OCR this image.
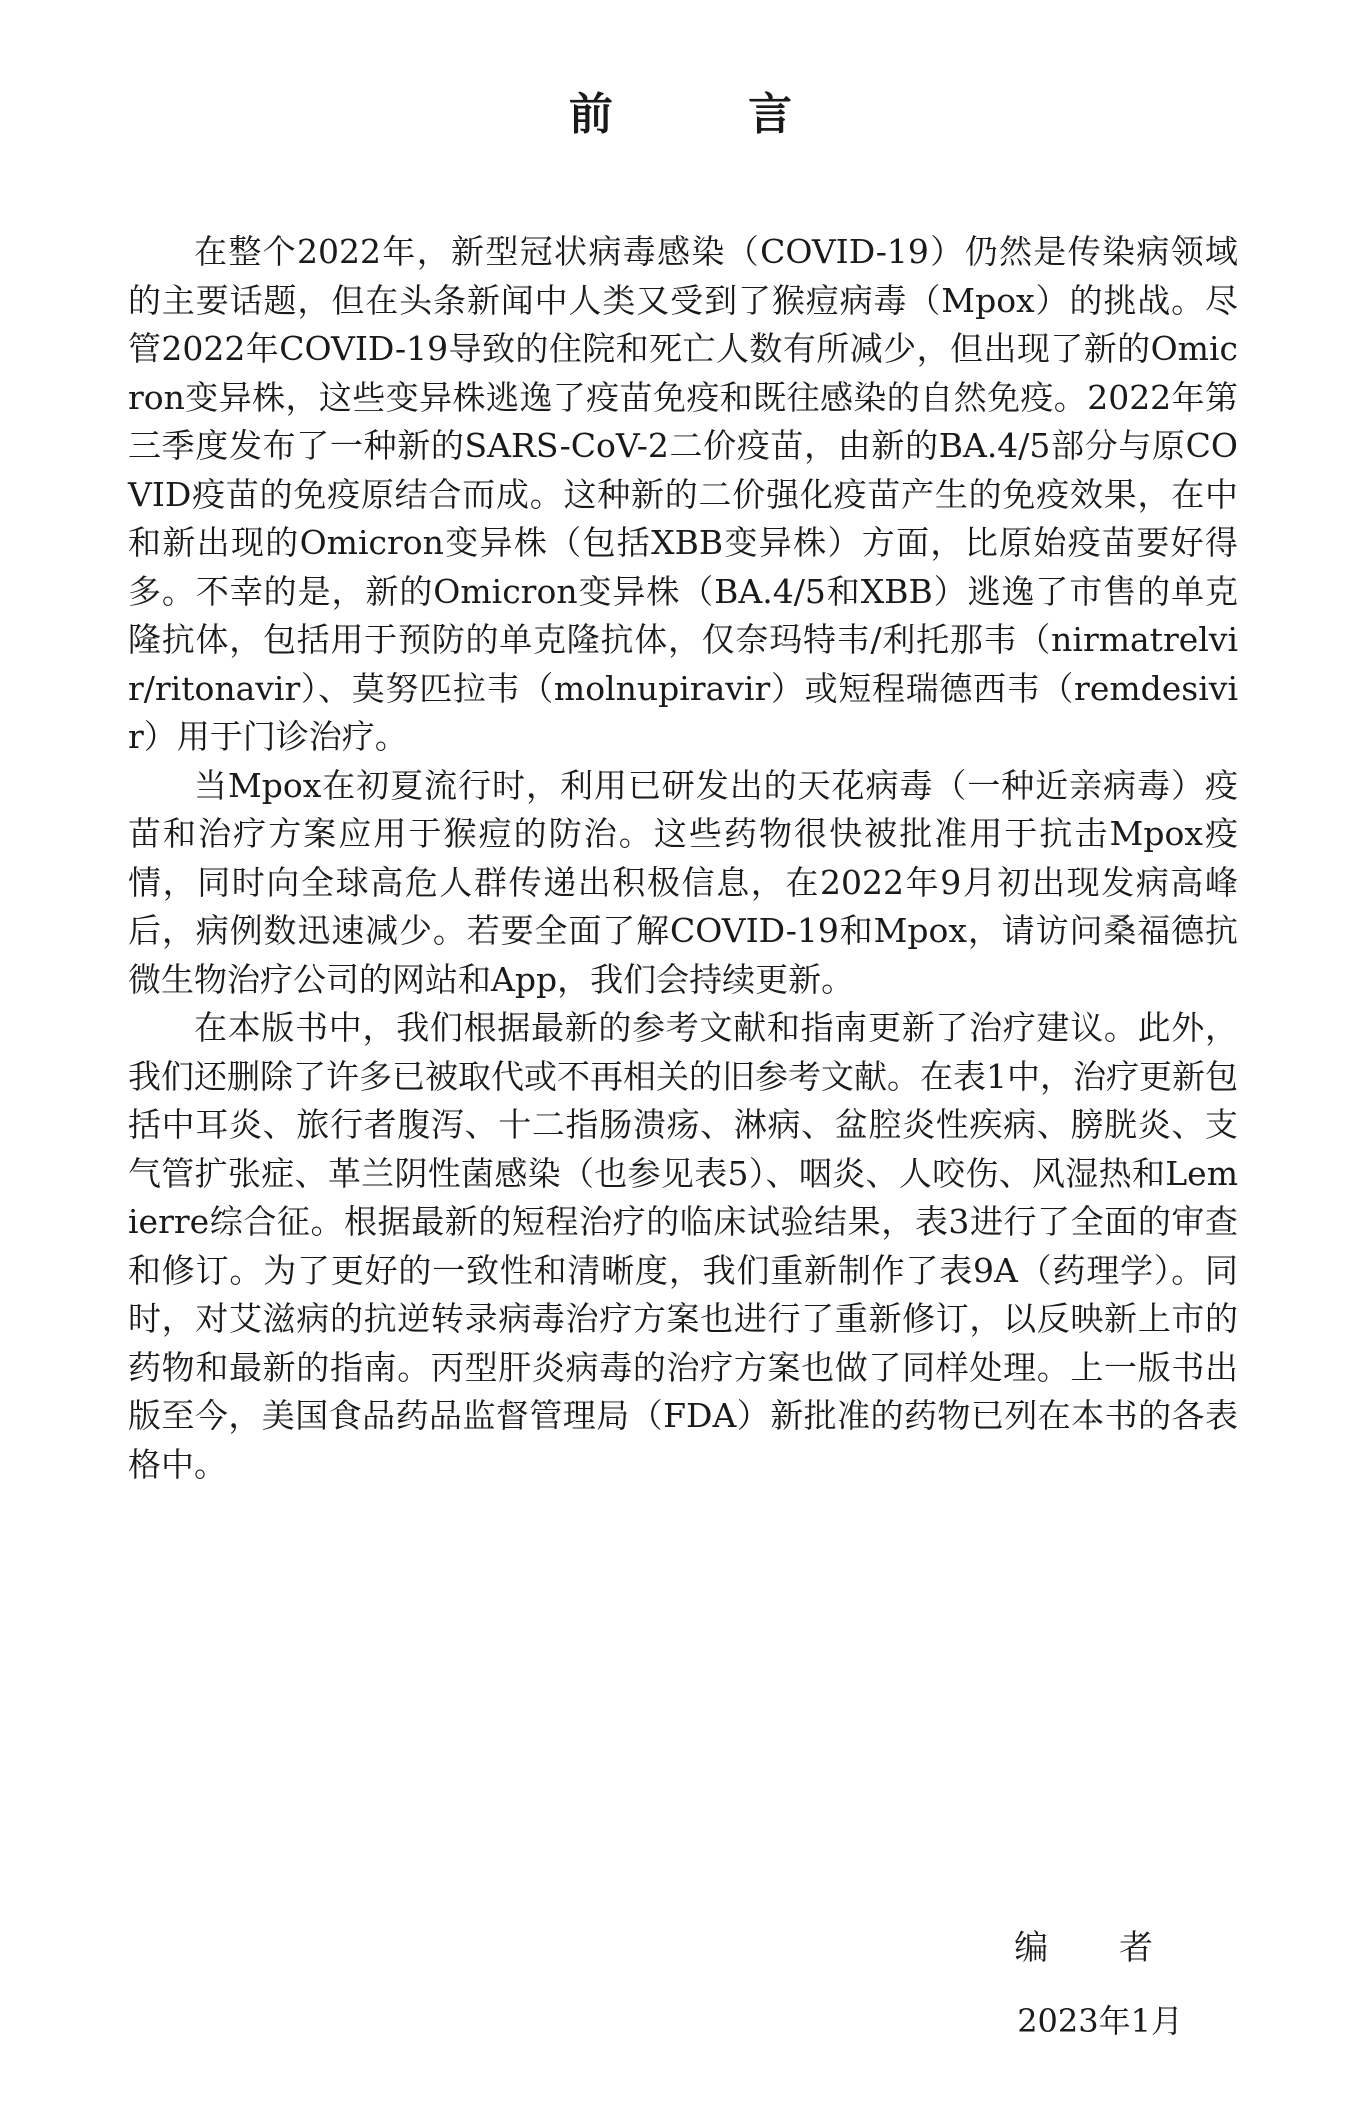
前 言

在整个2022年，新型冠状病毒感染（COVID-19）仍然是传染病领域的主要话题，但在头条新闻中人类又受到了猴痘病毒（Mpox）的挑战。尽管2022年COVID-19导致的住院和死亡人数有所减少，但出现了新的Omicron变异株，这些变异株逃逸了疫苗免疫和既往感染的自然免疫。2022年第三季度发布了一种新的SARS-CoV-2二价疫苗，由新的BA.4/5部分与原COVID疫苗的免疫原结合而成。这种新的二价强化疫苗产生的免疫效果，在中和新出现的Omicron变异株（包括XBB变异株）方面，比原始疫苗要好得多。不幸的是，新的Omicron变异株（BA.4/5和XBB）逃逸了市售的单克隆抗体，包括用于预防的单克隆抗体，仅奈玛特韦/利托那韦（nirmatrelvir/ritonavir）、莫努匹拉韦（molnupiravir）或短程瑞德西韦（remdesivir）用于门诊治疗。

当Mpox在初夏流行时，利用已研发出的天花病毒（一种近亲病毒）疫苗和治疗方案应用于猴痘的防治。这些药物很快被批准用于抗击Mpox疫情，同时向全球高危人群传递出积极信息，在2022年9月初出现发病高峰后，病例数迅速减少。若要全面了解COVID-19和Mpox，请访问桑福德抗微生物治疗公司的网站和App，我们会持续更新。

在本版书中，我们根据最新的参考文献和指南更新了治疗建议。此外，我们还删除了许多已被取代或不再相关的旧参考文献。在表1中，治疗更新包括中耳炎、旅行者腹泻、十二指肠溃疡、淋病、盆腔炎性疾病、膀胱炎、支气管扩张症、革兰阴性菌感染（也参见表5）、咽炎、人咬伤、风湿热和Lemierre综合征。根据最新的短程治疗的临床试验结果，表3进行了全面的审查和修订。为了更好的一致性和清晰度，我们重新制作了表9A（药理学）。同时，对艾滋病的抗逆转录病毒治疗方案也进行了重新修订，以反映新上市的药物和最新的指南。丙型肝炎病毒的治疗方案也做了同样处理。上一版书出版至今，美国食品药品监督管理局（FDA）新批准的药物已列在本书的各表格中。

编 者

2023年1月
